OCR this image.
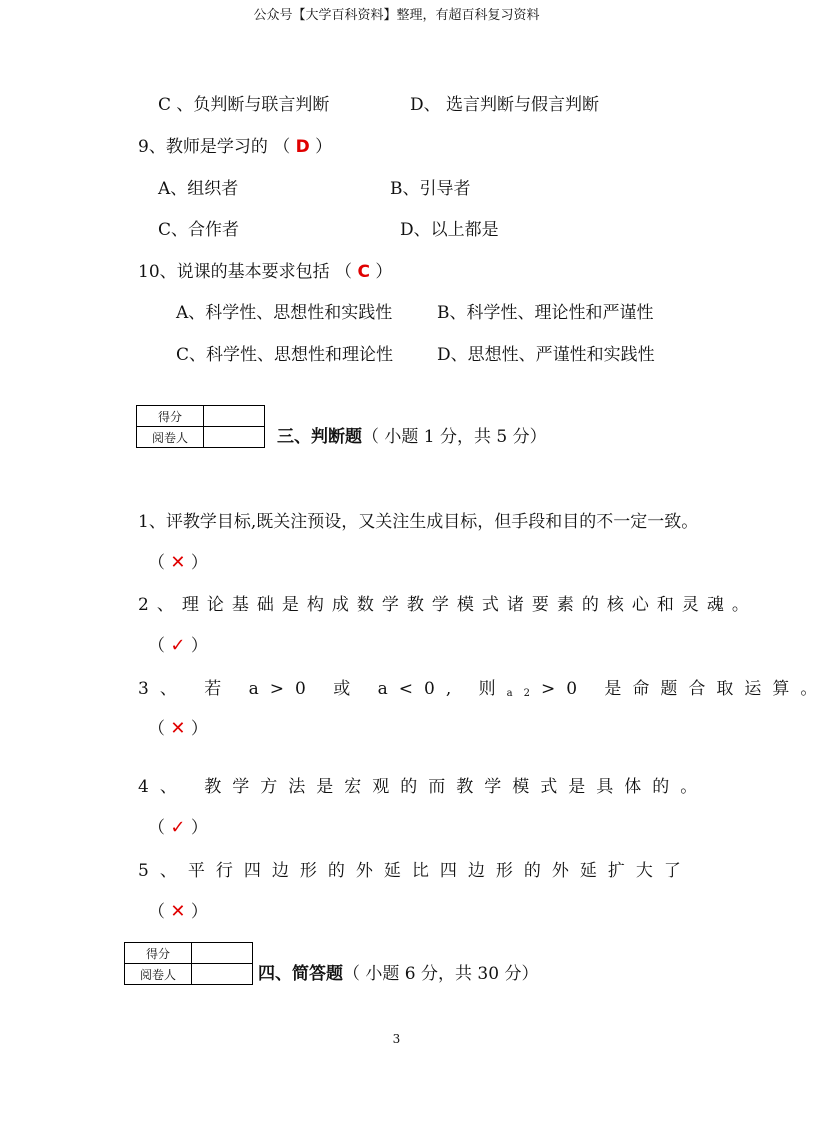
公众号【大学百科资料】整理，有超百科复习资料
C 、负判断与联言判断	D、 选言判断与假言判断
9、教师是学习的 （ D ）
A、组织者	B、引导者
C、合作者	D、以上都是
10、说课的基本要求包括 （ C ）
A、科学性、思想性和实践性	B、科学性、理论性和严谨性
C、科学性、思想性和理论性	D、思想性、严谨性和实践性
得分	
阅卷人		三、判断题（ 小题 1 分，共 5 分）
1、评教学目标,既关注预设，又关注生成目标，但手段和目的不一定一致。
（ ✕ ）
2、理论基础是构成数学教学模式诸要素的核心和灵魂。
（ ✓ ）
3、 若 a>0 或 a<0, 则$_{a2}$>0 是命题合取运算。
（ ✕ ）
4、 教学方法是宏观的而教学模式是具体的。
（ ✓ ）
5、平行四边形的外延比四边形的外延扩大了
（ ✕ ）
得分	
阅卷人		四、简答题（ 小题 6 分，共 30 分）
3
